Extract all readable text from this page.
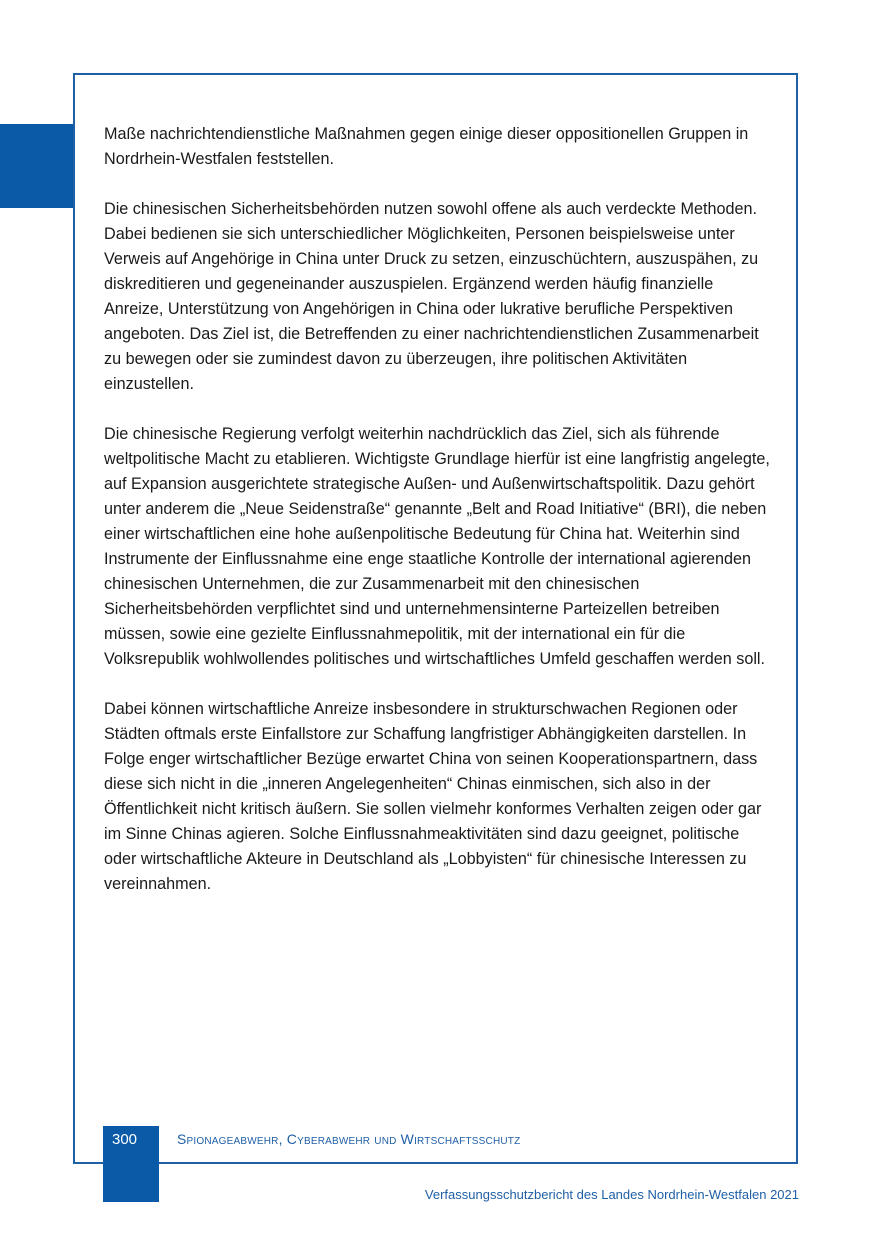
Maße nachrichtendienstliche Maßnahmen gegen einige dieser oppositionellen Gruppen in Nordrhein-Westfalen feststellen.

Die chinesischen Sicherheitsbehörden nutzen sowohl offene als auch verdeckte Methoden. Dabei bedienen sie sich unterschiedlicher Möglichkeiten, Personen beispielsweise unter Verweis auf Angehörige in China unter Druck zu setzen, einzuschüchtern, auszuspähen, zu diskreditieren und gegeneinander auszuspielen. Ergänzend werden häufig finanzielle Anreize, Unterstützung von Angehörigen in China oder lukrative berufliche Perspektiven angeboten. Das Ziel ist, die Betreffenden zu einer nachrichtendienstlichen Zusammenarbeit zu bewegen oder sie zumindest davon zu überzeugen, ihre politischen Aktivitäten einzustellen.

Die chinesische Regierung verfolgt weiterhin nachdrücklich das Ziel, sich als führende weltpolitische Macht zu etablieren. Wichtigste Grundlage hierfür ist eine langfristig angelegte, auf Expansion ausgerichtete strategische Außen- und Außenwirtschaftspolitik. Dazu gehört unter anderem die „Neue Seidenstraße“ genannte „Belt and Road Initiative“ (BRI), die neben einer wirtschaftlichen eine hohe außenpolitische Bedeutung für China hat. Weiterhin sind Instrumente der Einflussnahme eine enge staatliche Kontrolle der international agierenden chinesischen Unternehmen, die zur Zusammenarbeit mit den chinesischen Sicherheitsbehörden verpflichtet sind und unternehmensinterne Parteizellen betreiben müssen, sowie eine gezielte Einflussnahmepolitik, mit der international ein für die Volksrepublik wohlwollendes politisches und wirtschaftliches Umfeld geschaffen werden soll.

Dabei können wirtschaftliche Anreize insbesondere in strukturschwachen Regionen oder Städten oftmals erste Einfallstore zur Schaffung langfristiger Abhängigkeiten darstellen. In Folge enger wirtschaftlicher Bezüge erwartet China von seinen Kooperationspartnern, dass diese sich nicht in die „inneren Angelegenheiten“ Chinas einmischen, sich also in der Öffentlichkeit nicht kritisch äußern. Sie sollen vielmehr konformes Verhalten zeigen oder gar im Sinne Chinas agieren. Solche Einflussnahmeaktivitäten sind dazu geeignet, politische oder wirtschaftliche Akteure in Deutschland als „Lobbyisten“ für chinesische Interessen zu vereinnahmen.

300	Spionageabwehr, Cyberabwehr und Wirtschaftsschutz
Verfassungsschutzbericht des Landes Nordrhein-Westfalen 2021
